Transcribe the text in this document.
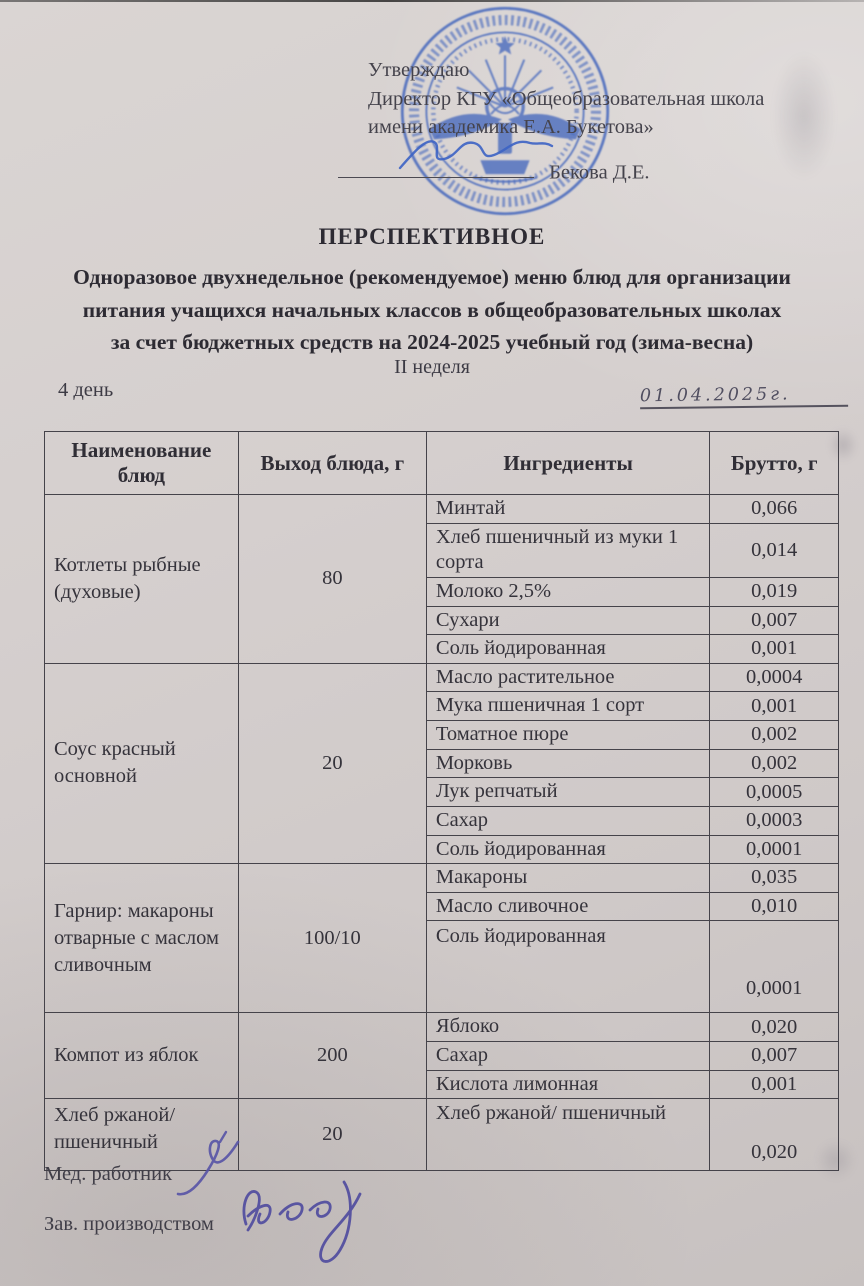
Утверждаю
Директор КГУ «Общеобразовательная школа
имени академика Е.А. Букетова»

Бекова Д.Е.
ПЕРСПЕКТИВНОЕ
Одноразовое двухнедельное (рекомендуемое) меню блюд для организации
питания учащихся начальных классов в общеобразовательных школах
за счет бюджетных средств на 2024-2025 учебный год (зима-весна)
II неделя
4 день	01.04.2025г.
Наименование блюд	Выход блюда, г	Ингредиенты	Брутто, г
Котлеты рыбные (духовые)	80	Минтай	0,066
		Хлеб пшеничный из муки 1 сорта	0,014
		Молоко 2,5%	0,019
		Сухари	0,007
		Соль йодированная	0,001
Соус красный основной	20	Масло растительное	0,0004
		Мука пшеничная 1 сорт	0,001
		Томатное пюре	0,002
		Морковь	0,002
		Лук репчатый	0,0005
		Сахар	0,0003
		Соль йодированная	0,0001
Гарнир: макароны отварные с маслом сливочным	100/10	Макароны	0,035
		Масло сливочное	0,010
		Соль йодированная	0,0001
Компот из яблок	200	Яблоко	0,020
		Сахар	0,007
		Кислота лимонная	0,001
Хлеб ржаной/ пшеничный	20	Хлеб ржаной/ пшеничный	0,020
Мед. работник
Зав. производством
